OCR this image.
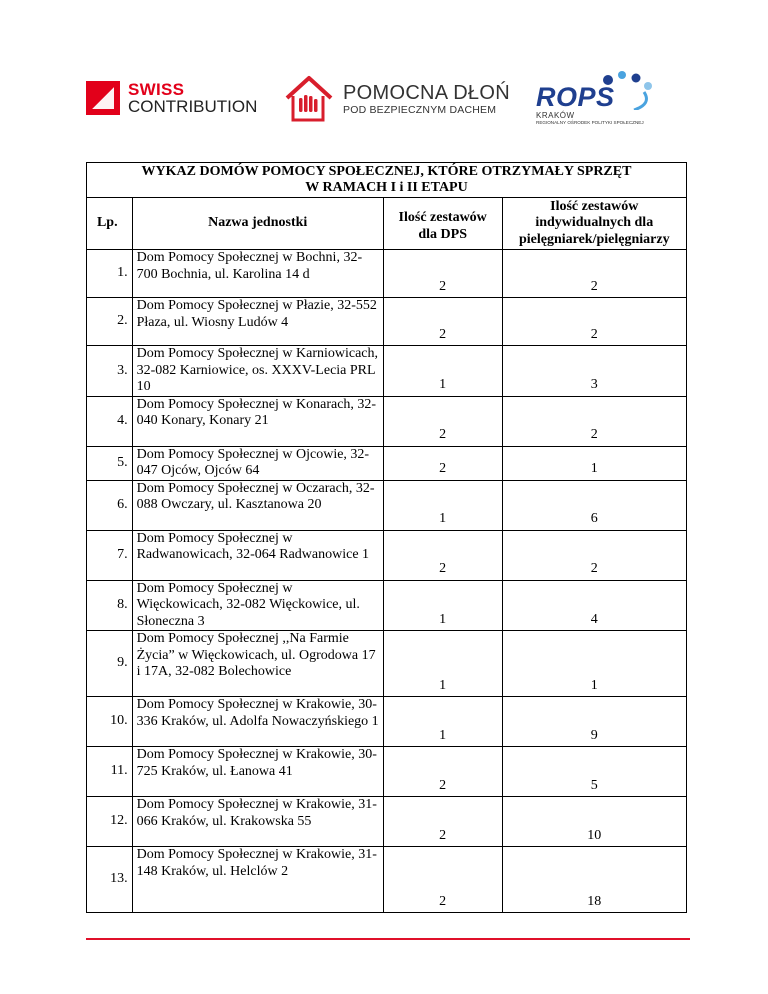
SWISS
CONTRIBUTION
POMOCNA DŁOŃ
POD BEZPIECZNYM DACHEM	ROPS
KRAKÓW
REGIONALNY OŚRODEK POLITYKI SPOŁECZNEJ
WYKAZ DOMÓW POMOCY SPOŁECZNEJ, KTÓRE OTRZYMAŁY SPRZĘT
W RAMACH I i II ETAPU			
Lp.	Nazwa jednostki	Ilość zestawów dla DPS	Ilość zestawów indywidualnych dla pielęgniarek/pielęgniarzy
1.	Dom Pomocy Społecznej w Bochni, 32-700 Bochnia, ul. Karolina 14 d	2	2
2.	Dom Pomocy Społecznej w Płazie, 32-552 Płaza, ul. Wiosny Ludów 4	2	2
3.	Dom Pomocy Społecznej w Karniowicach, 32-082 Karniowice, os. XXXV-Lecia PRL 10	1	3
4.	Dom Pomocy Społecznej w Konarach, 32-040 Konary, Konary 21	2	2
5.	Dom Pomocy Społecznej w Ojcowie, 32-047 Ojców, Ojców 64	2	1
6.	Dom Pomocy Społecznej w Oczarach, 32-088 Owczary, ul. Kasztanowa 20	1	6
7.	Dom Pomocy Społecznej w Radwanowicach, 32-064 Radwanowice 1	2	2
8.	Dom Pomocy Społecznej w Więckowicach, 32-082 Więckowice, ul. Słoneczna 3	1	4
9.	Dom Pomocy Społecznej ,,Na Farmie Życia” w Więckowicach, ul. Ogrodowa 17 i 17A, 32-082 Bolechowice	1	1
10.	Dom Pomocy Społecznej w Krakowie, 30-336 Kraków, ul. Adolfa Nowaczyńskiego 1	1	9
11.	Dom Pomocy Społecznej w Krakowie, 30-725 Kraków, ul. Łanowa 41	2	5
12.	Dom Pomocy Społecznej w Krakowie, 31-066 Kraków, ul. Krakowska 55	2	10
13.	Dom Pomocy Społecznej w Krakowie, 31-148 Kraków, ul. Helclów 2	2	18
